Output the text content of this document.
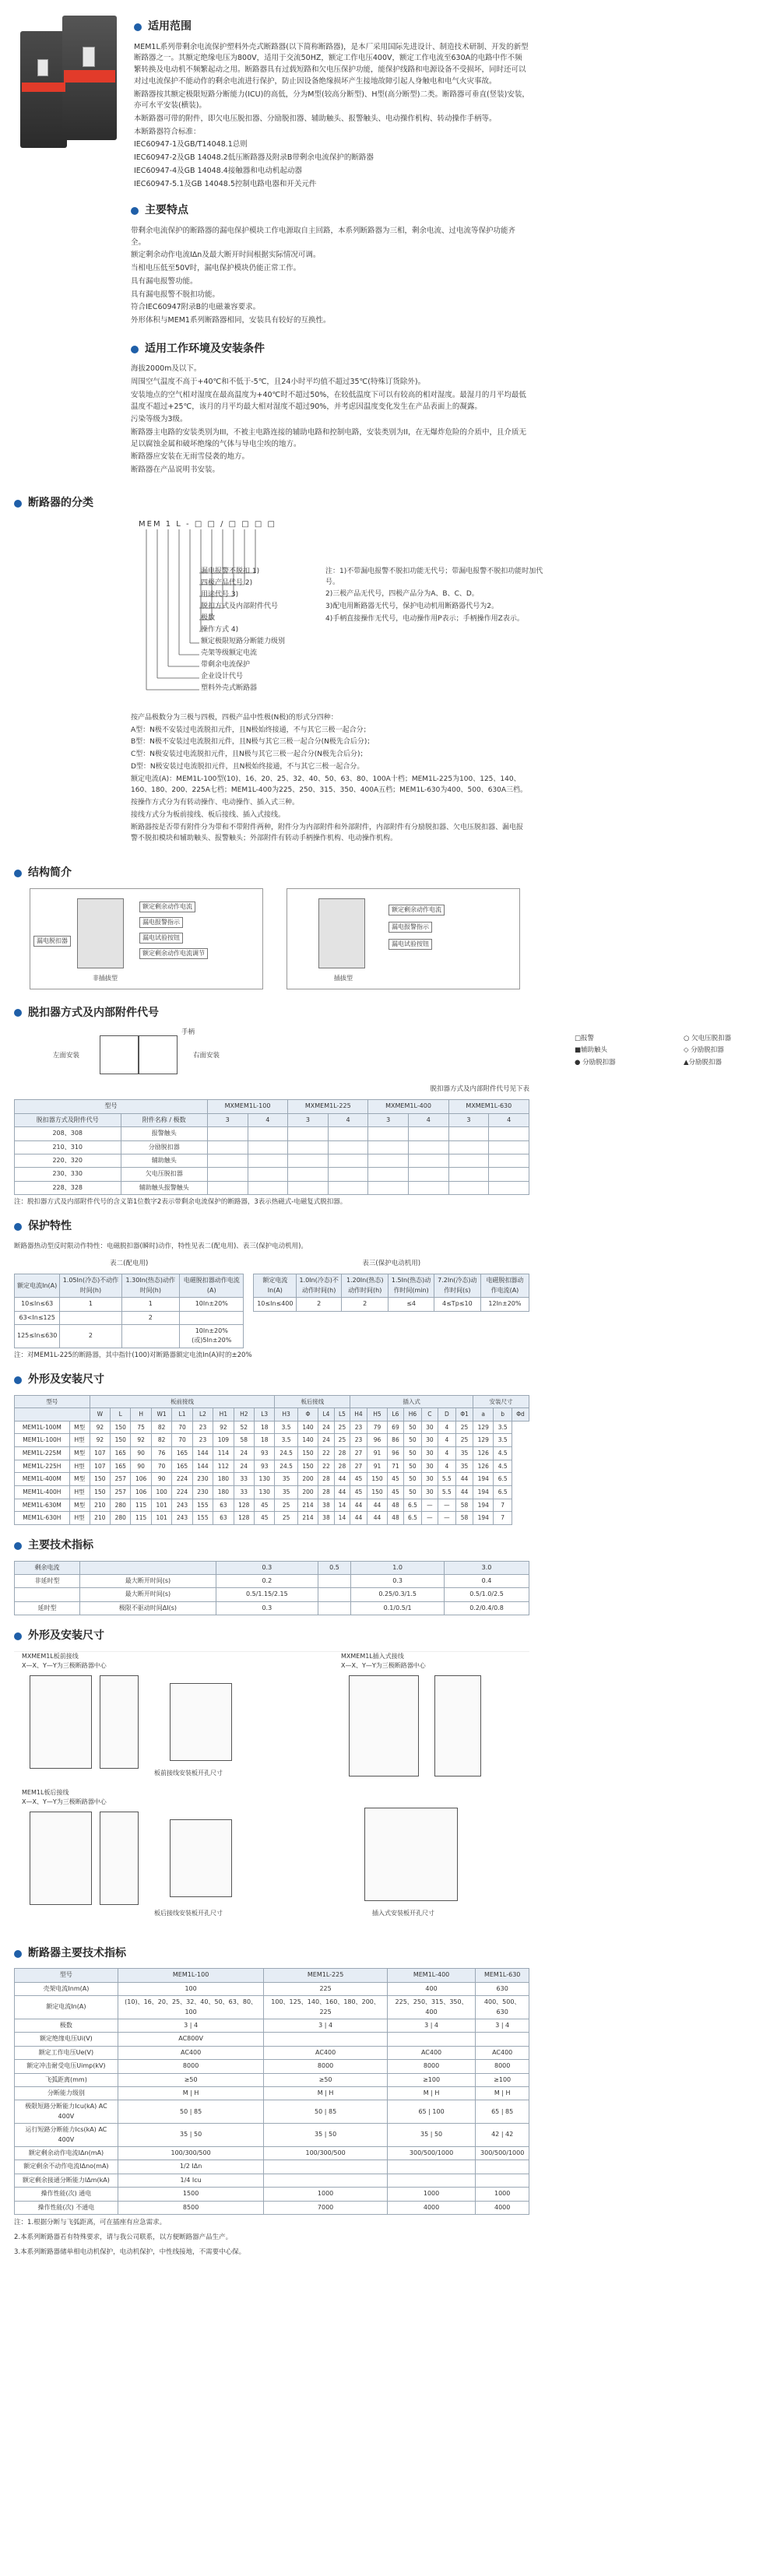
适用范围

MEM1L系列带剩余电流保护塑料外壳式断路器(以下简称断路器)，是本厂采用国际先进设计、制造技术研制、开发的新型断路器之一。其额定绝缘电压为800V，适用于交流50HZ，额定工作电压400V，额定工作电流至630A的电路中作不频繁转换及电动机不频繁起动之用。断路器具有过载短路和欠电压保护功能，能保护线路和电源设备不受损坏，同时还可以对过电流保护不能动作的剩余电流进行保护，防止因设备绝缘损坏产生接地故障引起人身触电和电气火灾事故。

断路器按其额定极限短路分断能力(ICU)的高低，分为M型(较高分断型)、H型(高分断型)二类。断路器可垂直(竖装)安装，亦可水平安装(横装)。

本断路器可带的附件，即欠电压脱扣器、分励脱扣器、辅助触头、报警触头、电动操作机构、转动操作手柄等。

本断路器符合标准：

IEC60947-1及GB/T14048.1总则

IEC60947-2及GB 14048.2低压断路器及附录B带剩余电流保护的断路器

IEC60947-4及GB 14048.4接触器和电动机起动器

IEC60947-5.1及GB 14048.5控制电路电器和开关元件

主要特点

带剩余电流保护的断路器的漏电保护模块工作电源取自主回路，本系列断路器为三相，剩余电流、过电流等保护功能齐全。

额定剩余动作电流IΔn及最大断开时间根据实际情况可调。

当相电压低至50V时，漏电保护模块仍能正常工作。

具有漏电报警功能。

具有漏电报警不脱扣功能。

符合IEC60947附录B的电磁兼容要求。

外形体积与MEM1系列断路器相同，安装具有较好的互换性。

适用工作环境及安装条件

海拔2000m及以下。

周围空气温度不高于+40℃和不低于-5℃，且24小时平均值不超过35℃(特殊订货除外)。

安装地点的空气相对湿度在最高温度为+40℃时不超过50%，在较低温度下可以有较高的相对湿度。最湿月的月平均最低温度不超过+25℃，该月的月平均最大相对湿度不超过90%，并考虑因温度变化发生在产品表面上的凝露。

污染等级为3级。

断路器主电路的安装类别为III，不被主电路连接的辅助电路和控制电路，安装类别为II，在无爆炸危险的介质中，且介质无足以腐蚀金属和破坏绝缘的气体与导电尘埃的地方。

断路器应安装在无雨雪侵袭的地方。

断路器在产品说明书安装。

断路器的分类
MEM 1 L - □ □ / □ □ □ □
漏电报警不脱扣 1)
四极产品代号 2)
用途代号 3)
脱扣方式及内部附件代号
极数
操作方式 4)
额定极限短路分断能力级别
壳架等级额定电流
带剩余电流保护
企业设计代号
塑料外壳式断路器

注：1)不带漏电报警不脱扣功能无代号；带漏电报警不脱扣功能时加代号。

2)三极产品无代号，四极产品分为A、B、C、D。

3)配电用断路器无代号，保护电动机用断路器代号为2。

4)手柄直接操作无代号，电动操作用P表示；手柄操作用Z表示。

按产品极数分为三极与四极，四极产品中性极(N极)的形式分四种：

A型：N极不安装过电流脱扣元件，且N极始终接通，不与其它三极一起合分；

B型：N极不安装过电流脱扣元件，且N极与其它三极一起合分(N极先合后分)；

C型：N极安装过电流脱扣元件，且N极与其它三极一起合分(N极先合后分)；

D型：N极安装过电流脱扣元件，且N极始终接通，不与其它三极一起合分。

额定电流(A)：MEM1L-100型(10)、16、20、25、32、40、50、63、80、100A十档；MEM1L-225为100、125、140、160、180、200、225A七档；MEM1L-400为225、250、315、350、400A五档；MEM1L-630为400、500、630A三档。

按操作方式分为有转动操作、电动操作、插入式三种。

接线方式分为板前接线、板后接线、插入式接线。

断路器按是否带有附件分为带和不带附件两种，附件分为内部附件和外部附件，内部附件有分励脱扣器、欠电压脱扣器、漏电报警不脱扣模块和辅助触头、报警触头；外部附件有转动手柄操作机构、电动操作机构。

结构简介
额定剩余动作电流
漏电报警指示
漏电试验按钮
额定剩余动作电流调节
漏电脱扣器
非插拔型
额定剩余动作电流
漏电报警指示
漏电试验按钮
插拔型
脱扣器方式及内部附件代号
手柄
左面安装	右面安装
□报警	○ 欠电压脱扣器
■辅助触头	◇ 分励脱扣器
● 分励脱扣器	▲分励脱扣器
脱扣器方式及内部附件代号见下表
型号		MXMEM1L-100		MXMEM1L-225		MXMEM1L-400		MXMEM1L-630	
脱扣器方式及附件代号	附件名称 / 极数	3	4	3	4	3	4	3	4
208、308	报警触头								
210、310	分励脱扣器								
220、320	辅助触头								
230、330	欠电压脱扣器								
228、328	辅助触头报警触头								
注：脱扣器方式及内部附件代号的含义第1位数字2表示带剩余电流保护的断路器，3表示热磁式-电磁复式脱扣器。
保护特性
断路器热动型反时限动作特性：电磁脱扣器(瞬时)动作，特性见表二(配电用)、表三(保护电动机用)。
表二(配电用)
额定电流In(A)	1.05In(冷态)不动作时间(h)	1.30In(热态)动作时间(h)	电磁脱扣器动作电流(A)
10≤In≤63	1	1	10In±20%
63<In≤125		2	
125≤In≤630	2		10In±20%(或)5In±20%
表三(保护电动机用)
额定电流In(A)	1.0In(冷态)不动作时间(h)	1.20In(热态)动作时间(h)	1.5In(热态)动作时间(min)	7.2In(冷态)动作时间(s)	电磁脱扣器动作电流(A)
10≤In≤400	2	2	≤4	4≤Tp≤10	12In±20%
注：对MEM1L-225的断路器，其中指针(100)对断路器额定电流In(A)时的±20%
外形及安装尺寸
型号		板前接线									板后接线				插入式							安装尺寸		
		W	L	H	W1	L1	L2	H1	H2	L3	H3	Φ	L4	L5	H4	H5	L6	H6	C	D	Φ1	a	b	Φd
MEM1L-100M	M型	92	150	75	82	70	23	92	52	18	3.5	140	24	25	23	79	69	50	30	4	25	129	3.5	
MEM1L-100H	H型	92	150	92	82	70	23	109	58	18	3.5	140	24	25	23	96	86	50	30	4	25	129	3.5	
MEM1L-225M	M型	107	165	90	76	165	144	114	24	93	24.5	150	22	28	27	91	96	50	30	4	35	126	4.5	
MEM1L-225H	H型	107	165	90	70	165	144	112	24	93	24.5	150	22	28	27	91	71	50	30	4	35	126	4.5	
MEM1L-400M	M型	150	257	106	90	224	230	180	33	130	35	200	28	44	45	150	45	50	30	5.5	44	194	6.5	
MEM1L-400H	H型	150	257	106	100	224	230	180	33	130	35	200	28	44	45	150	45	50	30	5.5	44	194	6.5	
MEM1L-630M	M型	210	280	115	101	243	155	63	128	45	25	214	38	14	44	44	48	6.5	—	—	58	194	7	
MEM1L-630H	H型	210	280	115	101	243	155	63	128	45	25	214	38	14	44	44	48	6.5	—	—	58	194	7	
主要技术指标
剩余电流		0.3	0.5	1.0	3.0
非延时型	最大断开时间(s)	0.2		0.3	0.4
	最大断开时间(s)	0.5/1.15/2.15		0.25/0.3/1.5	0.5/1.0/2.5
延时型	极限不驱动时间ΔI(s)	0.3		0.1/0.5/1	0.2/0.4/0.8
外形及安装尺寸
MXMEM1L板前接线
X—X、Y—Y为三极断路器中心
板前接线安装板开孔尺寸
MXMEM1L插入式接线
X—X、Y—Y为三极断路器中心
MEM1L板后接线
X—X、Y—Y为三极断路器中心
板后接线安装板开孔尺寸	插入式安装板开孔尺寸
断路器主要技术指标
型号	MEM1L-100	MEM1L-225	MEM1L-400	MEM1L-630
壳架电流Inm(A)	100	225	400	630
额定电流In(A)	(10)、16、20、25、32、40、50、63、80、100	100、125、140、160、180、200、225	225、250、315、350、400	400、500、630
极数	3 | 4	3 | 4	3 | 4	3 | 4
额定绝缘电压Ui(V)	AC800V			
额定工作电压Ue(V)	AC400	AC400	AC400	AC400
额定冲击耐受电压Uimp(kV)	8000	8000	8000	8000
飞弧距离(mm)	≥50	≥50	≥100	≥100
分断能力级别	M | H	M | H	M | H	M | H
极限短路分断能力Icu(kA) AC 400V	50 | 85	50 | 85	65 | 100	65 | 85
运行短路分断能力Ics(kA) AC 400V	35 | 50	35 | 50	35 | 50	42 | 42
额定剩余动作电流IΔn(mA)	100/300/500	100/300/500	300/500/1000	300/500/1000
额定剩余不动作电流IΔno(mA)	1/2 IΔn			
额定剩余接通分断能力IΔm(kA)	1/4 Icu			
操作性能(次) 通电	1500	1000	1000	1000
操作性能(次) 不通电	8500	7000	4000	4000

注：1.根据分断与飞弧距离，可在插座有应急需求。

2.本系列断路器若有特殊要求，请与我公司联系，以方便断路器产品生产。

3.本系列断路器储单相电动机保护，电动机保护，中性线接地，不需要中心保。
